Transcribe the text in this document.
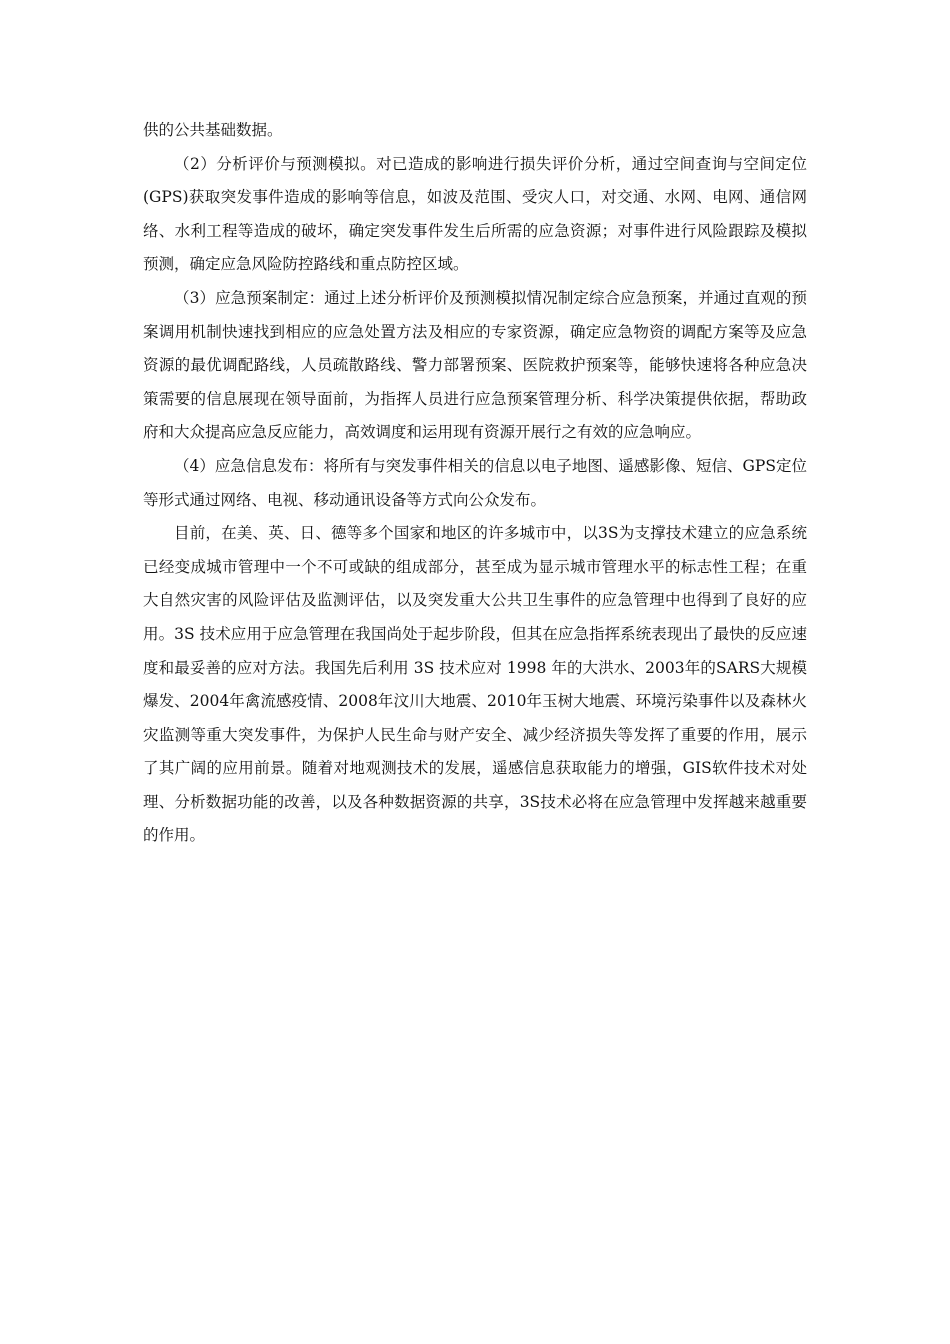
供的公共基础数据。

（2）分析评价与预测模拟。对已造成的影响进行损失评价分析，通过空间查询与空间定位(GPS)获取突发事件造成的影响等信息，如波及范围、受灾人口，对交通、水网、电网、通信网络、水利工程等造成的破坏，确定突发事件发生后所需的应急资源；对事件进行风险跟踪及模拟预测，确定应急风险防控路线和重点防控区域。

（3）应急预案制定：通过上述分析评价及预测模拟情况制定综合应急预案，并通过直观的预案调用机制快速找到相应的应急处置方法及相应的专家资源，确定应急物资的调配方案等及应急资源的最优调配路线，人员疏散路线、警力部署预案、医院救护预案等，能够快速将各种应急决策需要的信息展现在领导面前，为指挥人员进行应急预案管理分析、科学决策提供依据，帮助政府和大众提高应急反应能力，高效调度和运用现有资源开展行之有效的应急响应。

（4）应急信息发布：将所有与突发事件相关的信息以电子地图、遥感影像、短信、GPS定位等形式通过网络、电视、移动通讯设备等方式向公众发布。

目前，在美、英、日、德等多个国家和地区的许多城市中，以3S为支撑技术建立的应急系统已经变成城市管理中一个不可或缺的组成部分，甚至成为显示城市管理水平的标志性工程；在重大自然灾害的风险评估及监测评估，以及突发重大公共卫生事件的应急管理中也得到了良好的应用。3S 技术应用于应急管理在我国尚处于起步阶段，但其在应急指挥系统表现出了最快的反应速度和最妥善的应对方法。我国先后利用 3S 技术应对 1998 年的大洪水、2003年的SARS大规模爆发、2004年禽流感疫情、2008年汶川大地震、2010年玉树大地震、环境污染事件以及森林火灾监测等重大突发事件，为保护人民生命与财产安全、减少经济损失等发挥了重要的作用，展示了其广阔的应用前景。随着对地观测技术的发展，遥感信息获取能力的增强，GIS软件技术对处理、分析数据功能的改善，以及各种数据资源的共享，3S技术必将在应急管理中发挥越来越重要的作用。
